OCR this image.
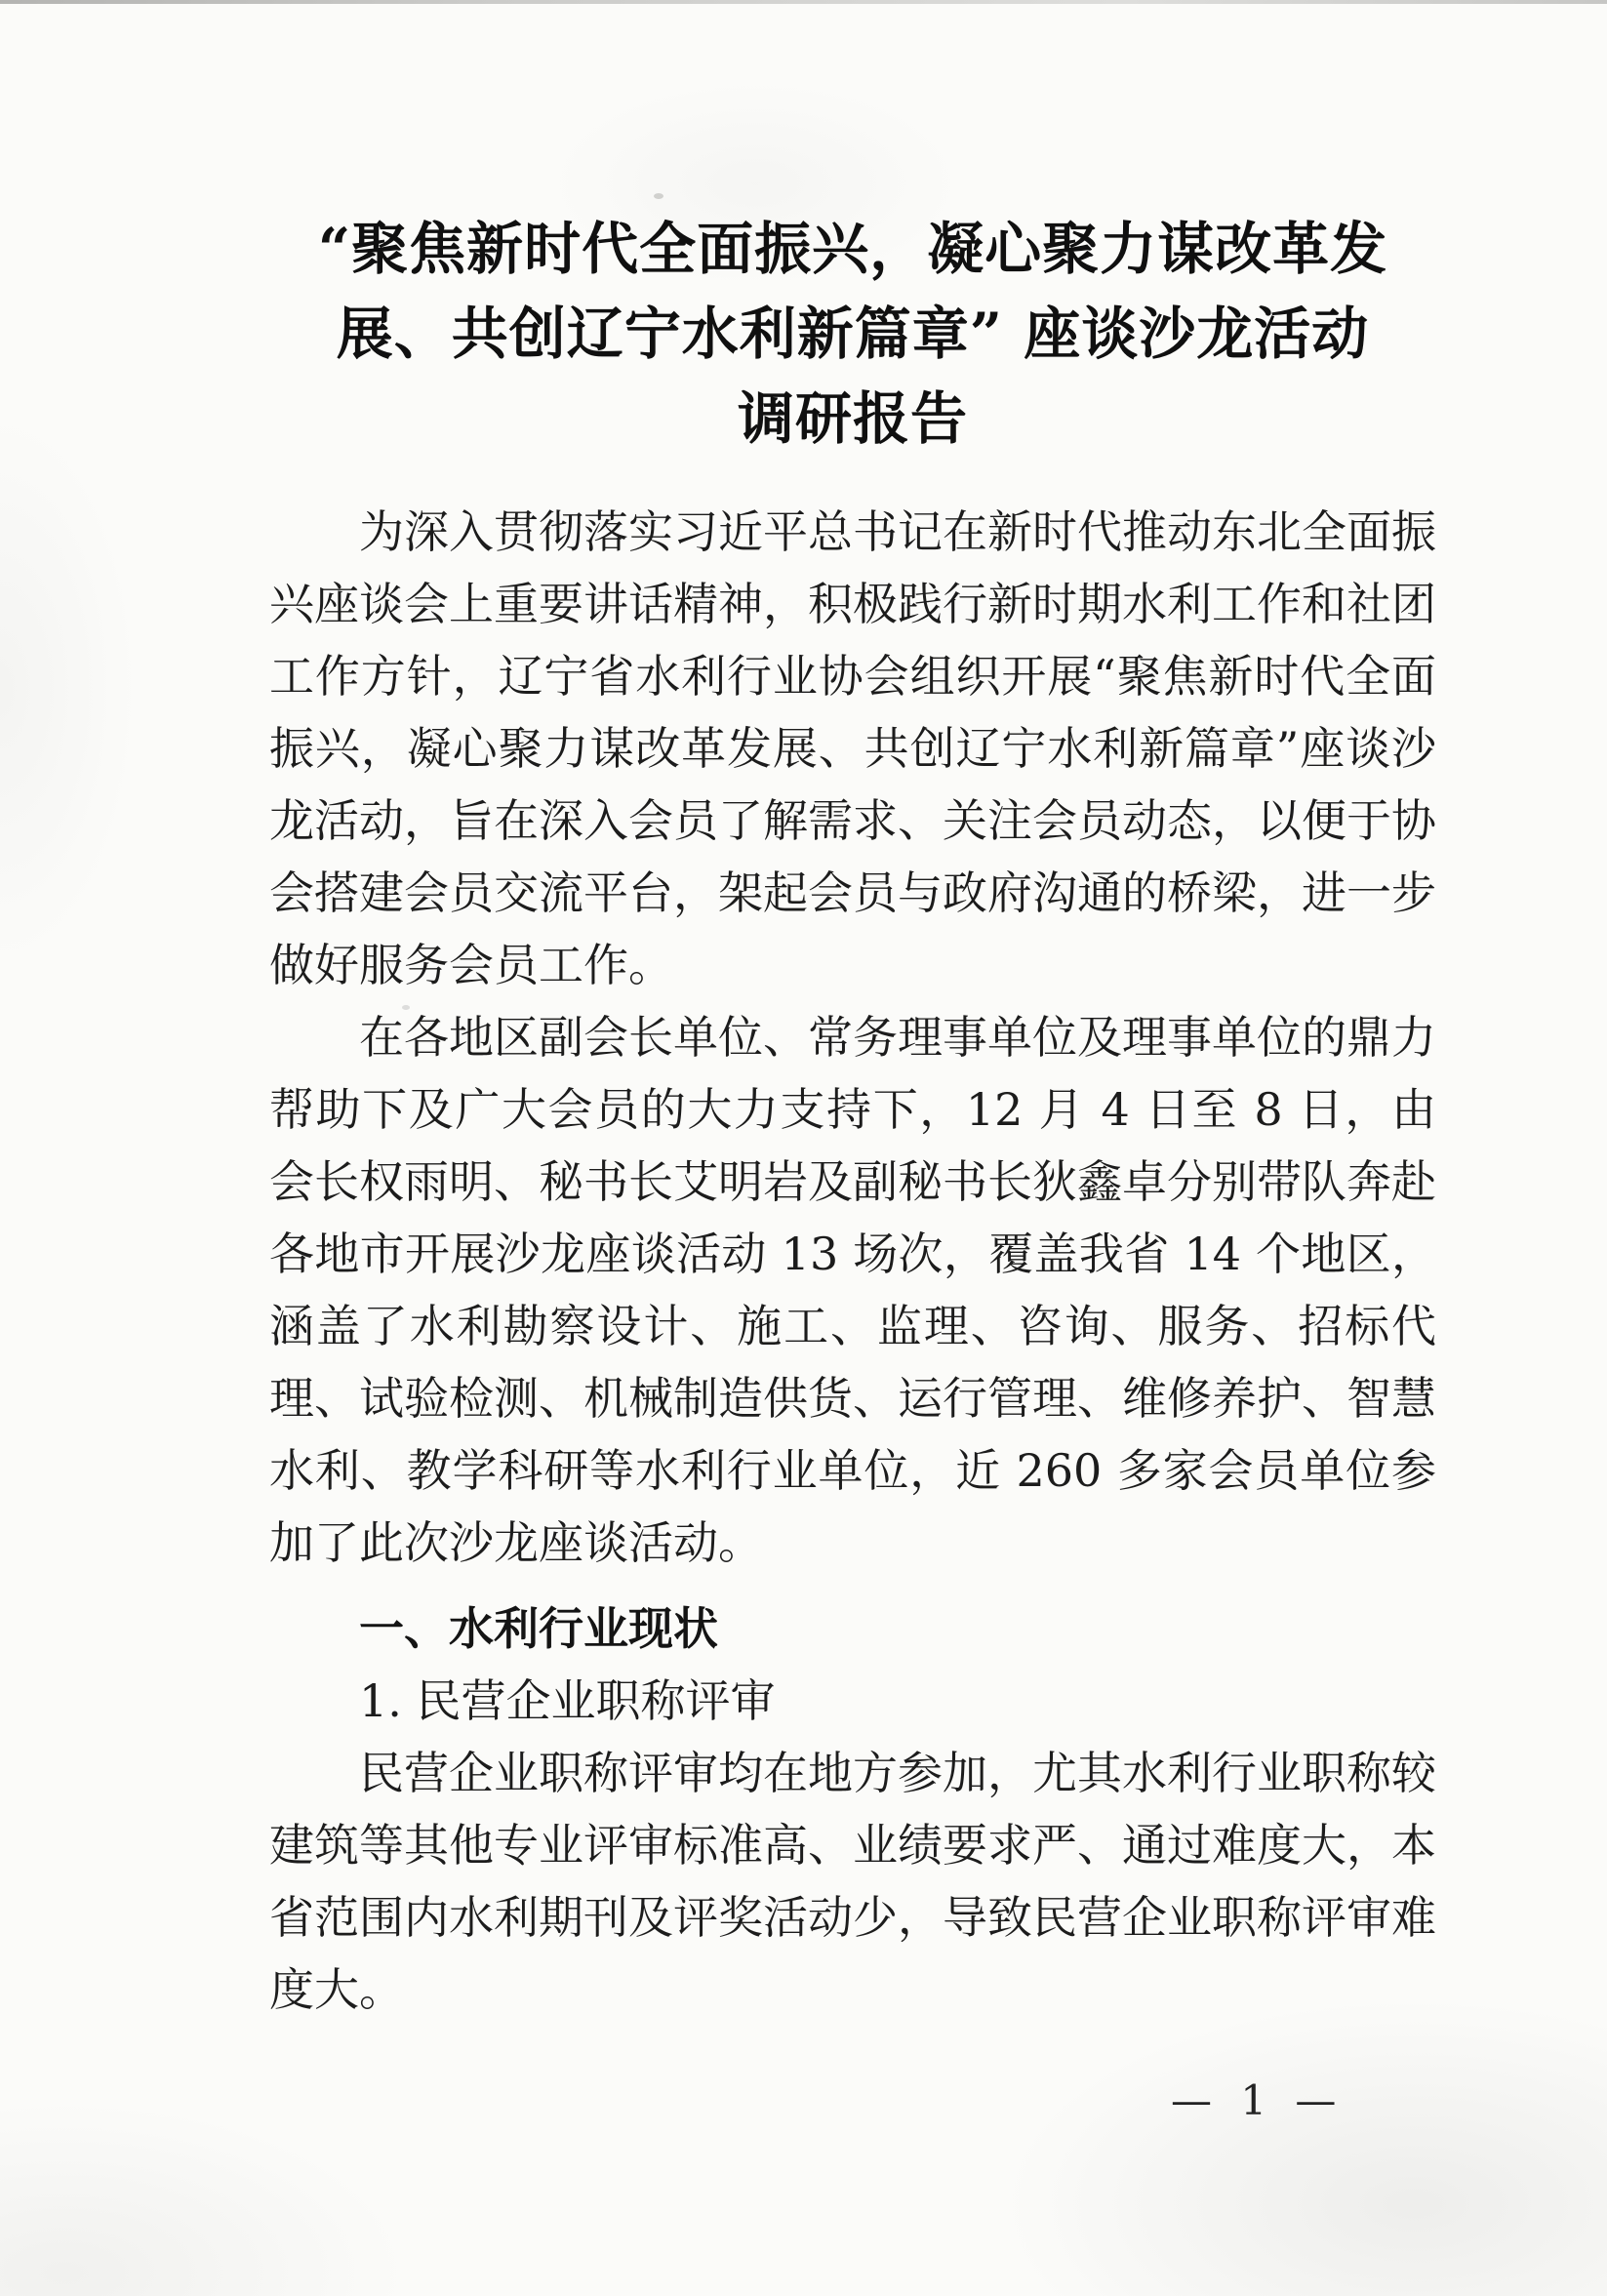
“聚焦新时代全面振兴，凝心聚力谋改革发
展、共创辽宁水利新篇章” 座谈沙龙活动
调研报告

为深入贯彻落实习近平总书记在新时代推动东北全面振兴座谈会上重要讲话精神，积极践行新时期水利工作和社团工作方针，辽宁省水利行业协会组织开展“聚焦新时代全面振兴，凝心聚力谋改革发展、共创辽宁水利新篇章”座谈沙龙活动，旨在深入会员了解需求、关注会员动态，以便于协会搭建会员交流平台，架起会员与政府沟通的桥梁，进一步做好服务会员工作。

在各地区副会长单位、常务理事单位及理事单位的鼎力帮助下及广大会员的大力支持下，12 月 4 日至 8 日，由会长权雨明、秘书长艾明岩及副秘书长狄鑫卓分别带队奔赴各地市开展沙龙座谈活动 13 场次，覆盖我省 14 个地区，涵盖了水利勘察设计、施工、监理、咨询、服务、招标代理、试验检测、机械制造供货、运行管理、维修养护、智慧水利、教学科研等水利行业单位，近 260 多家会员单位参加了此次沙龙座谈活动。

一、水利行业现状
1. 民营企业职称评审

民营企业职称评审均在地方参加，尤其水利行业职称较建筑等其他专业评审标准高、业绩要求严、通过难度大，本省范围内水利期刊及评奖活动少，导致民营企业职称评审难度大。

— 1 —
